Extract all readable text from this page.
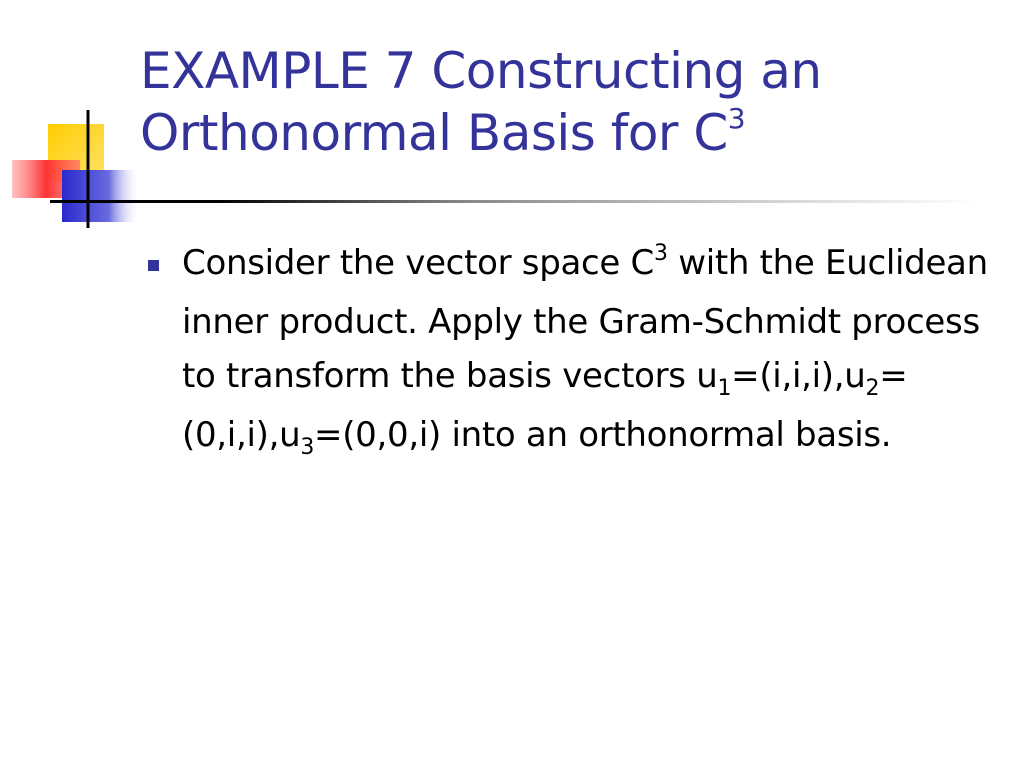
EXAMPLE 7 Constructing an Orthonormal Basis for $C^3$
Consider the vector space $C^3$ with the Euclidean inner product. Apply the Gram-Schmidt process to transform the basis vectors $u_1=(i,i,i),u_2=(0,i,i),u_3=(0,0,i)$ into an orthonormal basis.
